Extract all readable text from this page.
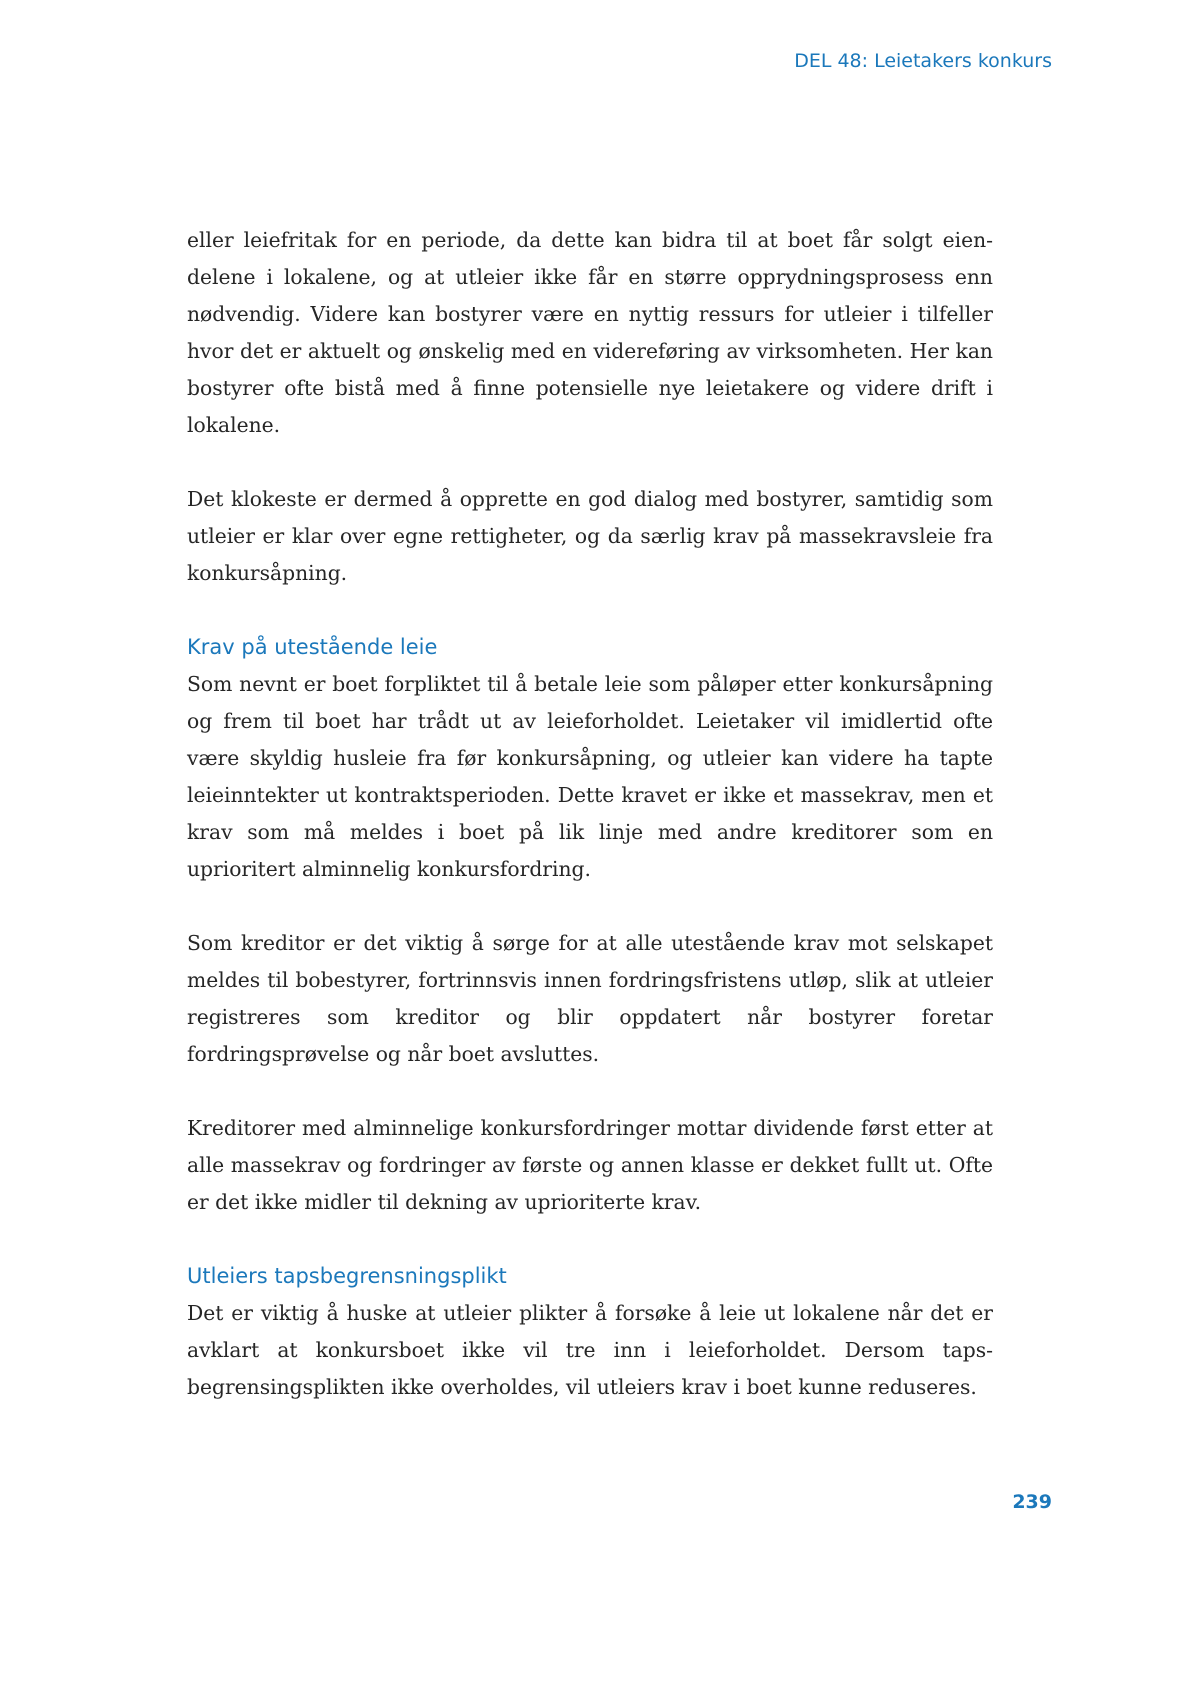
DEL 48: Leietakers konkurs

eller leiefritak for en periode, da dette kan bidra til at boet får solgt eiendelene i lokalene, og at utleier ikke får en større opprydningsprosess enn nødvendig. Videre kan bostyrer være en nyttig ressurs for utleier i tilfeller hvor det er aktuelt og ønskelig med en videreføring av virksomheten. Her kan bostyrer ofte bistå med å finne potensielle nye leietakere og videre drift i lokalene.

Det klokeste er dermed å opprette en god dialog med bostyrer, samtidig som utleier er klar over egne rettigheter, og da særlig krav på massekravsleie fra konkursåpning.

Krav på utestående leie

Som nevnt er boet forpliktet til å betale leie som påløper etter konkursåpning og frem til boet har trådt ut av leieforholdet. Leietaker vil imidlertid ofte være skyldig husleie fra før konkursåpning, og utleier kan videre ha tapte leieinntekter ut kontraktsperioden. Dette kravet er ikke et massekrav, men et krav som må meldes i boet på lik linje med andre kreditorer som en uprioritert alminnelig konkursfordring.

Som kreditor er det viktig å sørge for at alle utestående krav mot selskapet meldes til bobestyrer, fortrinnsvis innen fordringsfristens utløp, slik at utleier registreres som kreditor og blir oppdatert når bostyrer foretar fordringsprøvelse og når boet avsluttes.

Kreditorer med alminnelige konkursfordringer mottar dividende først etter at alle massekrav og fordringer av første og annen klasse er dekket fullt ut. Ofte er det ikke midler til dekning av uprioriterte krav.

Utleiers tapsbegrensningsplikt

Det er viktig å huske at utleier plikter å forsøke å leie ut lokalene når det er avklart at konkursboet ikke vil tre inn i leieforholdet. Dersom tapsbegrensingsplikten ikke overholdes, vil utleiers krav i boet kunne reduseres.

239
